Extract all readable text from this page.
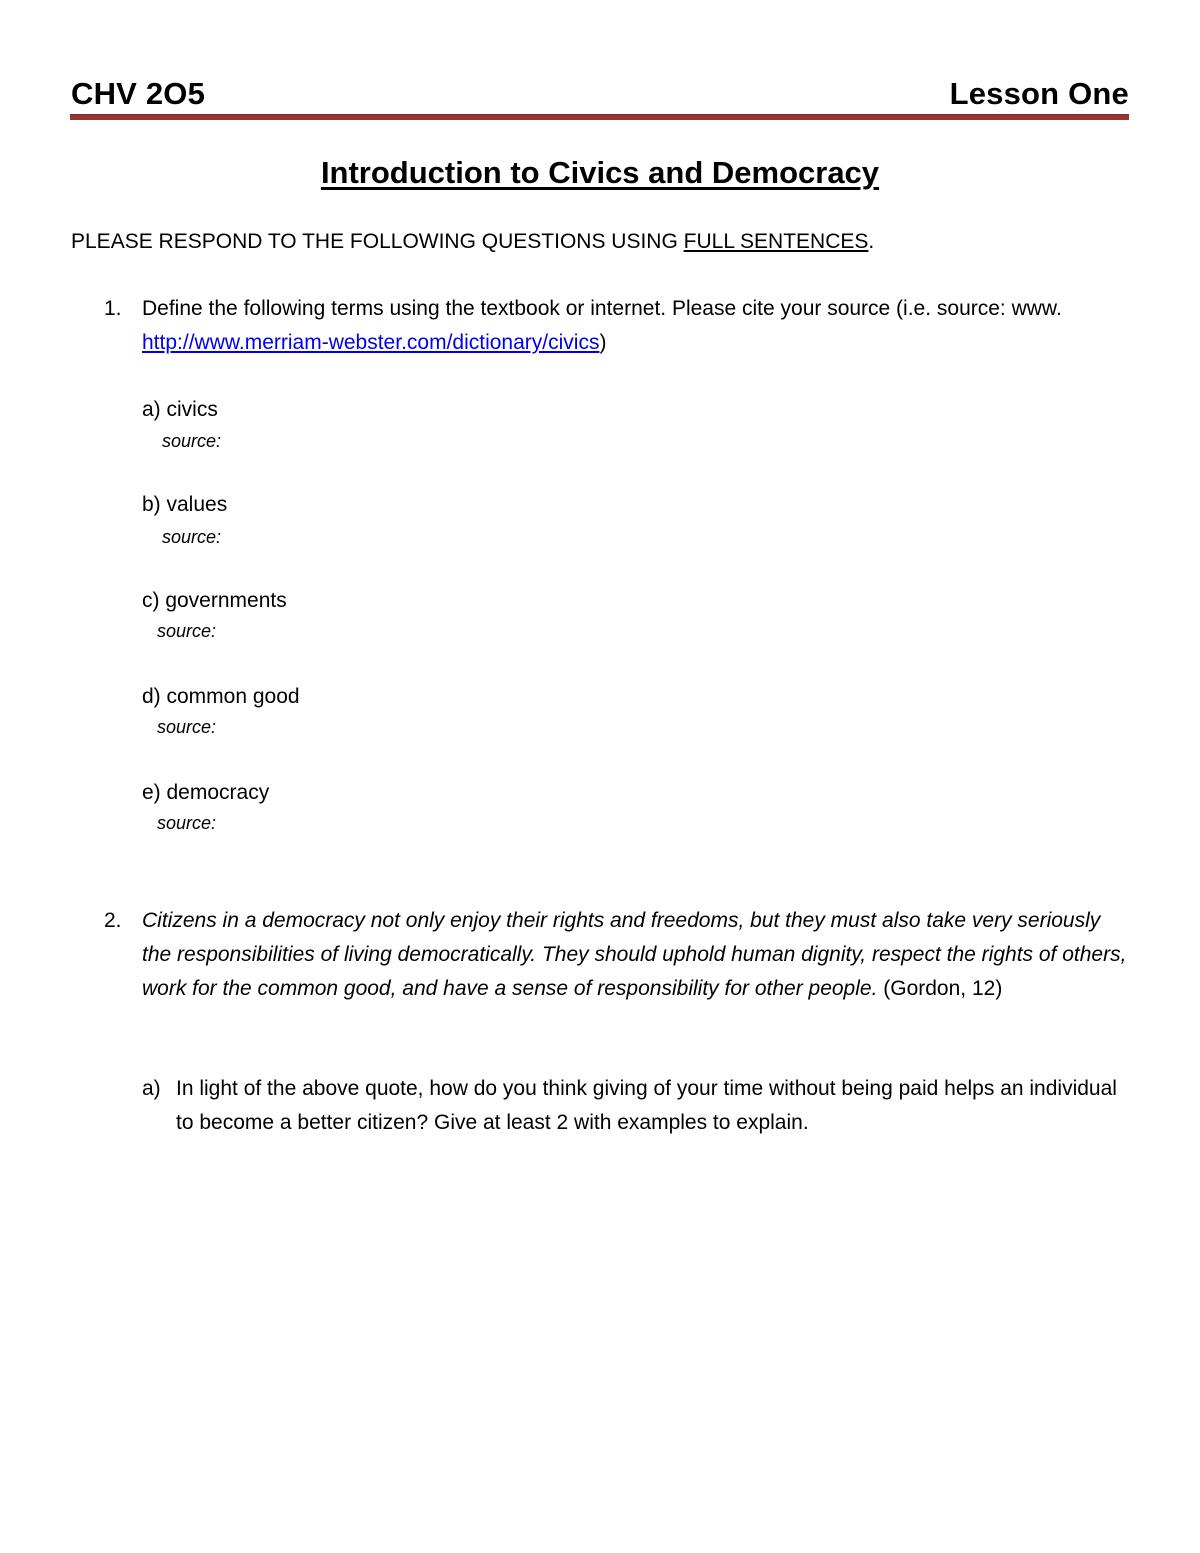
CHV 2O5	Lesson One
Introduction to Civics and Democracy
PLEASE RESPOND TO THE FOLLOWING QUESTIONS USING FULL SENTENCES.
1. Define the following terms using the textbook or internet. Please cite your source (i.e. source: www. http://www.merriam-webster.com/dictionary/civics)
a) civics
source:
b) values
source:
c) governments
source:
d) common good
source:
e) democracy
source:
2. Citizens in a democracy not only enjoy their rights and freedoms, but they must also take very seriously the responsibilities of living democratically. They should uphold human dignity, respect the rights of others, work for the common good, and have a sense of responsibility for other people. (Gordon, 12)
a) In light of the above quote, how do you think giving of your time without being paid helps an individual to become a better citizen? Give at least 2 with examples to explain.
